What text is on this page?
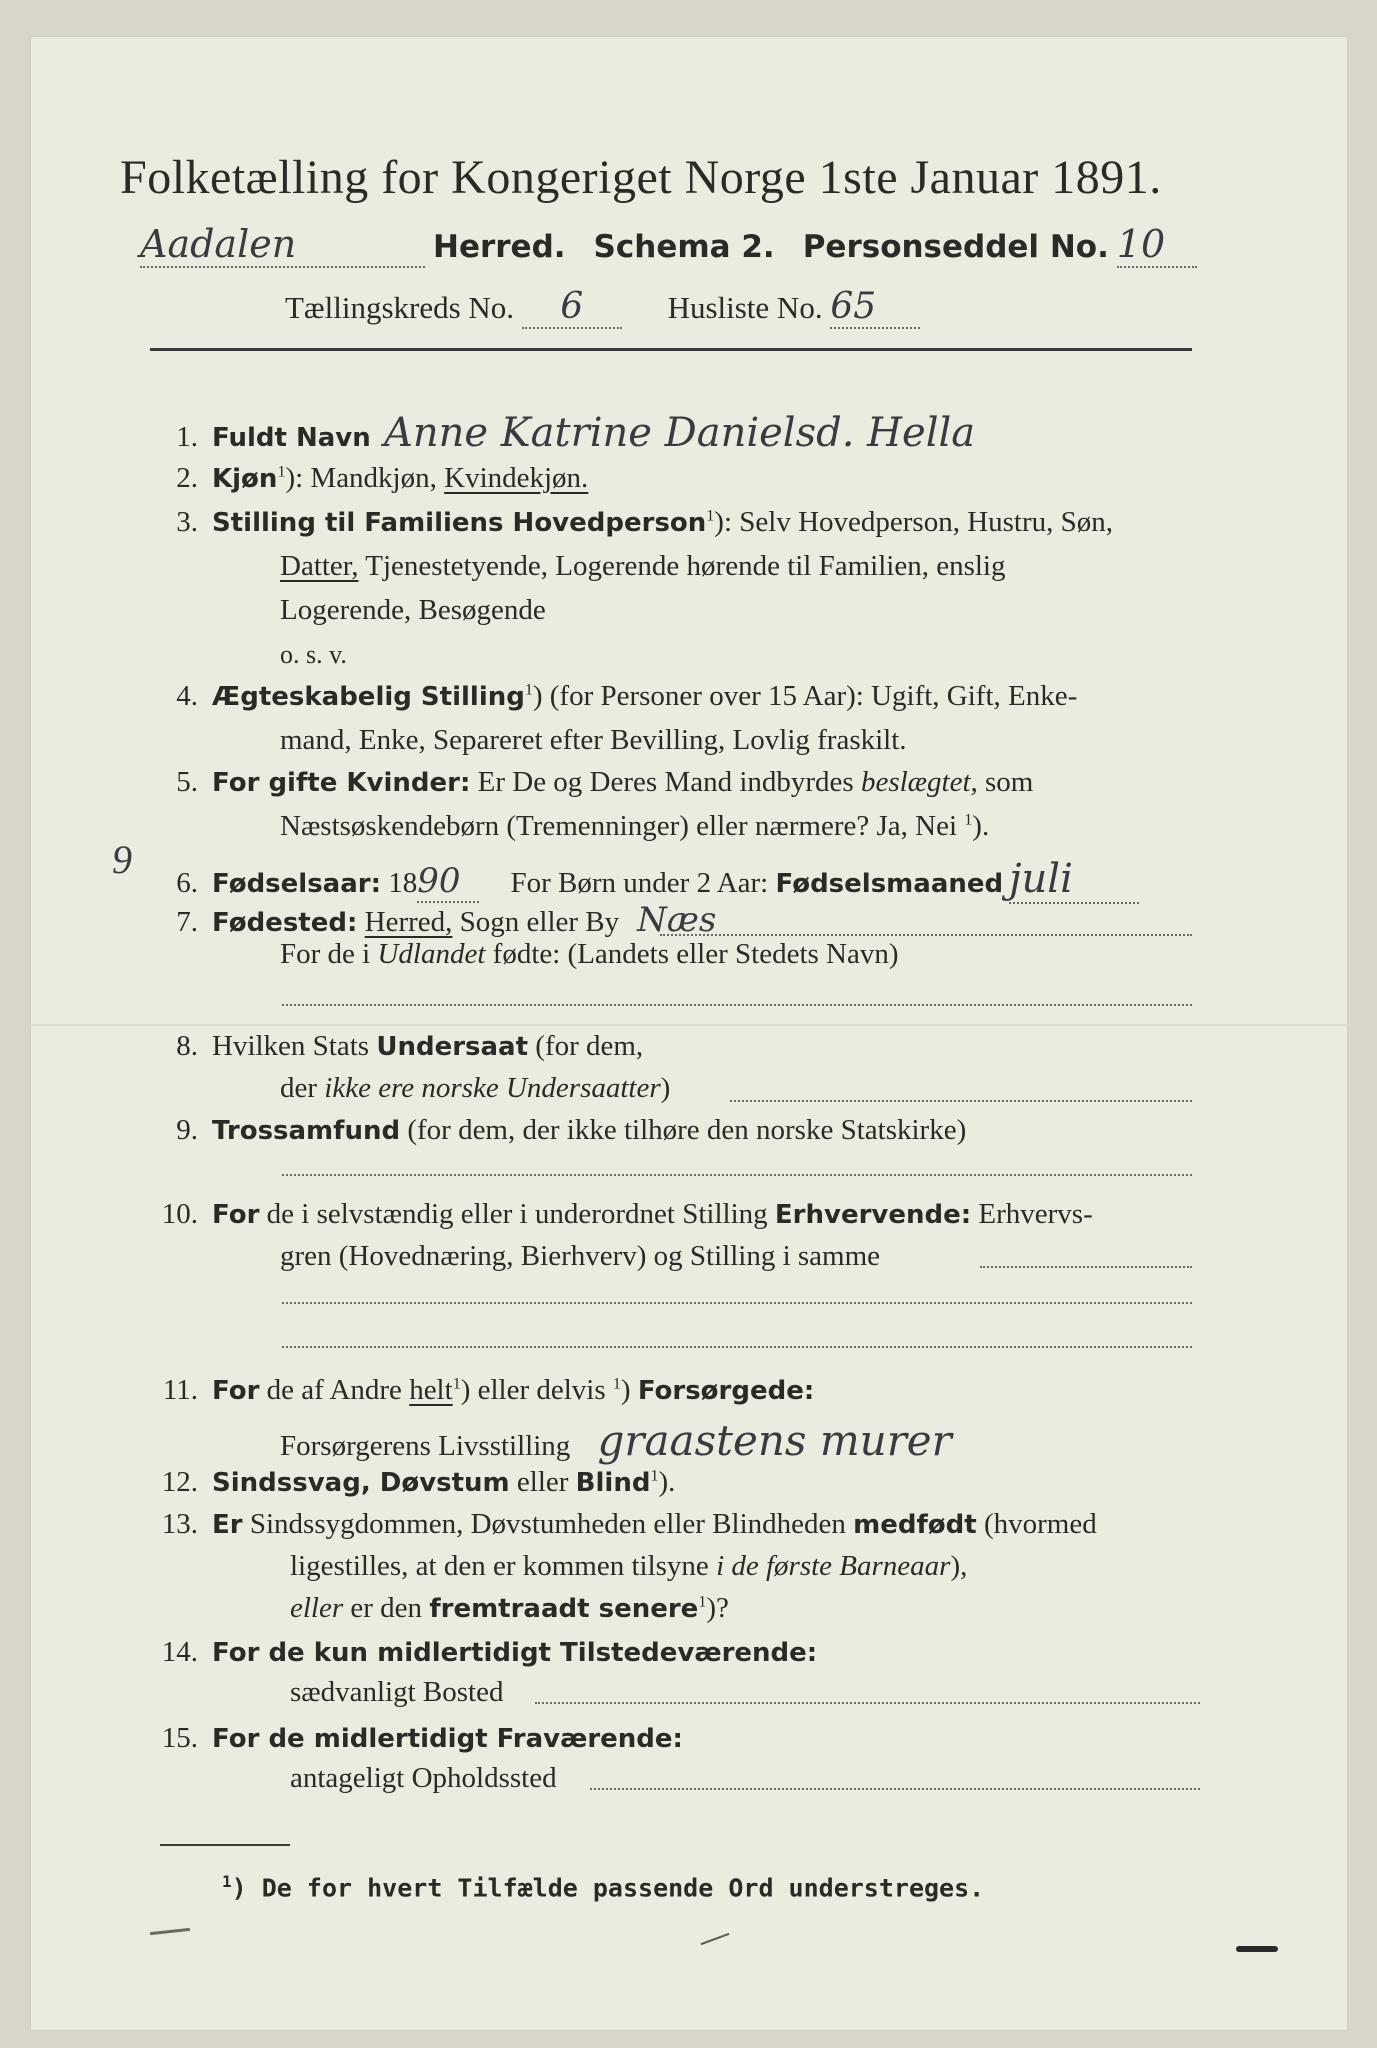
Folketælling for Kongeriget Norge 1ste Januar 1891.
Aadalen	Herred. Schema 2. Personseddel No. 10
Tællingskreds No. 6	Husliste No. 65
1. Fuldt Navn Anne Katrine Danielsd. Hella
2. Kjøn$^1$): Mandkjøn, Kvindekjøn.
3. Stilling til Familiens Hovedperson$^1$): Selv Hovedperson, Hustru, Søn,
Datter, Tjenestetyende, Logerende hørende til Familien, enslig
Logerende, Besøgende
o. s. v.
4. Ægteskabelig Stilling$^1$) (for Personer over 15 Aar): Ugift, Gift, Enke-
mand, Enke, Separeret efter Bevilling, Lovlig fraskilt.
5. For gifte Kvinder: Er De og Deres Mand indbyrdes beslægtet, som
Næstsøskendebørn (Tremenninger) eller nærmere? Ja, Nei $^1$).
9
6. Fødselsaar: 1890 For Børn under 2 Aar: Fødselsmaaned juli
7. Fødested: Herred, Sogn eller By Næs
For de i Udlandet fødte: (Landets eller Stedets Navn)
8. Hvilken Stats Undersaat (for dem,
der ikke ere norske Undersaatter)
9. Trossamfund (for dem, der ikke tilhøre den norske Statskirke)
10. For de i selvstændig eller i underordnet Stilling Erhvervende: Erhvervs-
gren (Hovednæring, Bierhverv) og Stilling i samme
11. For de af Andre helt$^1$) eller delvis $^1$) Forsørgede:
Forsørgerens Livsstilling graastens murer
12. Sindssvag, Døvstum eller Blind$^1$).
13. Er Sindssygdommen, Døvstumheden eller Blindheden medfødt (hvormed
ligestilles, at den er kommen tilsyne i de første Barneaar),
eller er den fremtraadt senere$^1$)?
14. For de kun midlertidigt Tilstedeværende:
sædvanligt Bosted
15. For de midlertidigt Fraværende:
antageligt Opholdssted
$^1$) De for hvert Tilfælde passende Ord understreges.
